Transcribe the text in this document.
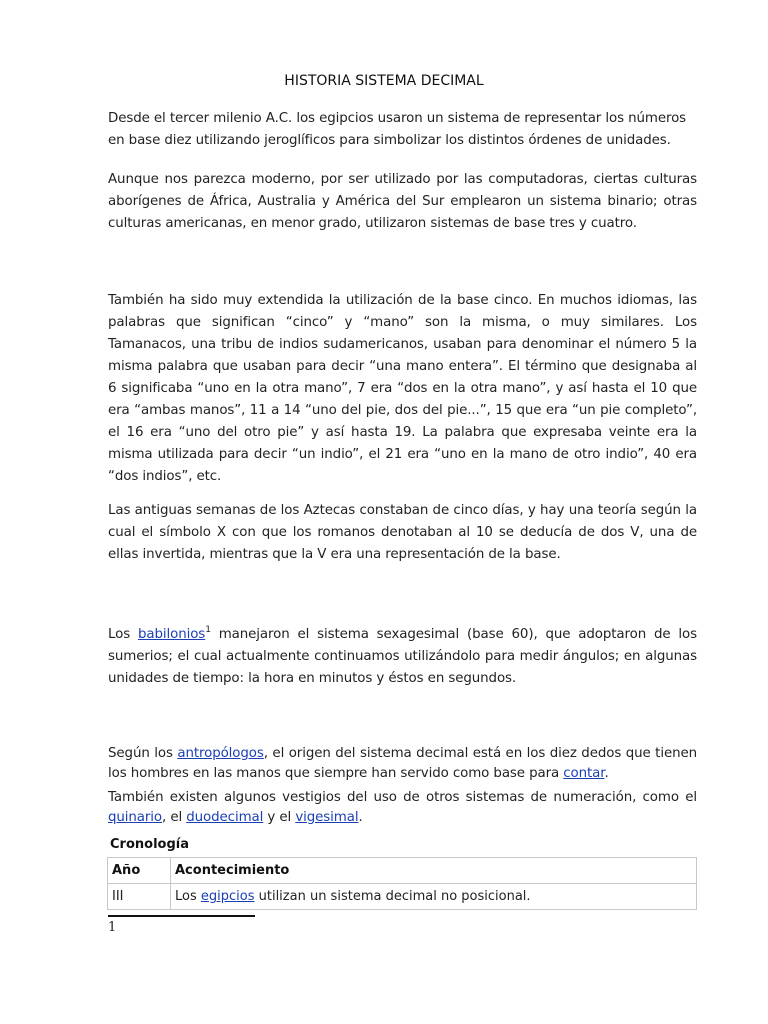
HISTORIA SISTEMA DECIMAL

Desde el tercer milenio A.C. los egipcios usaron un sistema de representar los números en base diez utilizando jeroglíficos para simbolizar los distintos órdenes de unidades.

Aunque nos parezca moderno, por ser utilizado por las computadoras, ciertas culturas aborígenes de África, Australia y América del Sur emplearon un sistema binario; otras culturas americanas, en menor grado, utilizaron sistemas de base tres y cuatro.

También ha sido muy extendida la utilización de la base cinco. En muchos idiomas, las palabras que significan “cinco” y “mano” son la misma, o muy similares. Los Tamanacos, una tribu de indios sudamericanos, usaban para denominar el número 5 la misma palabra que usaban para decir “una mano entera”. El término que designaba al 6 significaba “uno en la otra mano”, 7 era “dos en la otra mano”, y así hasta el 10 que era “ambas manos”, 11 a 14 “uno del pie, dos del pie...”, 15 que era “un pie completo”, el 16 era “uno del otro pie” y así hasta 19. La palabra que expresaba veinte era la misma utilizada para decir “un indio”, el 21 era “uno en la mano de otro indio”, 40 era “dos indios”, etc.

Las antiguas semanas de los Aztecas constaban de cinco días, y hay una teoría según la cual el símbolo X con que los romanos denotaban al 10 se deducía de dos V, una de ellas invertida, mientras que la V era una representación de la base.

Los babilonios$^1$ manejaron el sistema sexagesimal (base 60), que adoptaron de los sumerios; el cual actualmente continuamos utilizándolo para medir ángulos; en algunas unidades de tiempo: la hora en minutos y éstos en segundos.

Según los antropólogos, el origen del sistema decimal está en los diez dedos que tienen los hombres en las manos que siempre han servido como base para contar.

También existen algunos vestigios del uso de otros sistemas de numeración, como el quinario, el duodecimal y el vigesimal.

Cronología
Año	Acontecimiento
III	Los egipcios utilizan un sistema decimal no posicional.
1
